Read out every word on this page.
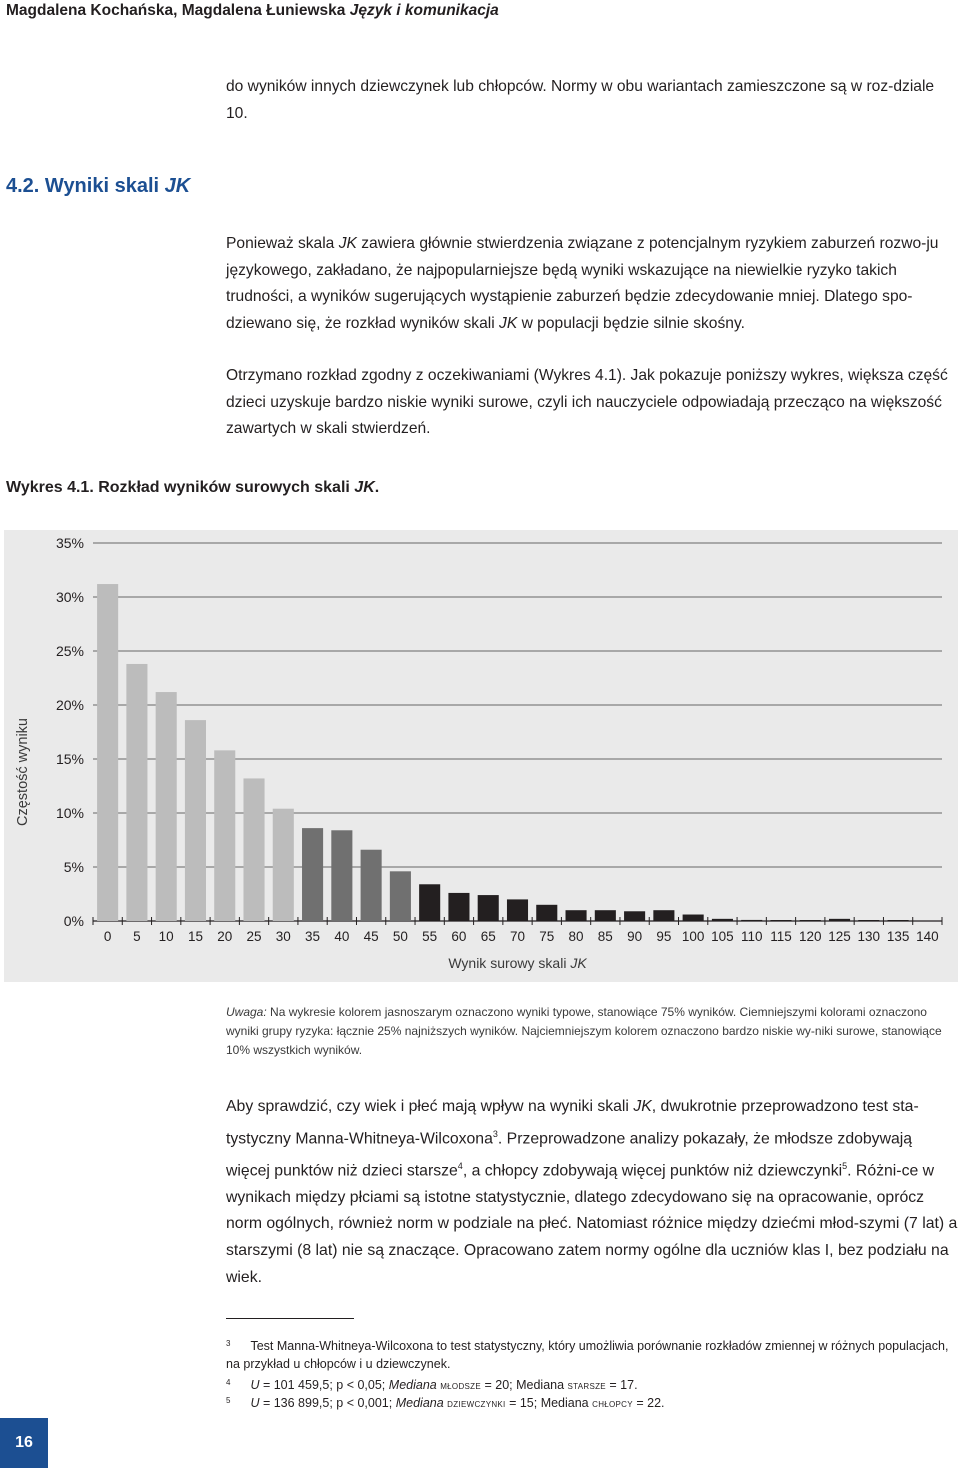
Magdalena Kochańska, Magdalena Łuniewska Język i komunikacja

do wyników innych dziewczynek lub chłopców. Normy w obu wariantach zamieszczone są w roz-dziale 10.

4.2. Wyniki skali JK

Ponieważ skala JK zawiera głównie stwierdzenia związane z potencjalnym ryzykiem zaburzeń rozwo-ju językowego, zakładano, że najpopularniejsze będą wyniki wskazujące na niewielkie ryzyko takich trudności, a wyników sugerujących wystąpienie zaburzeń będzie zdecydowanie mniej. Dlatego spo-dziewano się, że rozkład wyników skali JK w populacji będzie silnie skośny.

Otrzymano rozkład zgodny z oczekiwaniami (Wykres 4.1). Jak pokazuje poniższy wykres, większa część dzieci uzyskuje bardzo niskie wyniki surowe, czyli ich nauczyciele odpowiadają przecząco na większość zawartych w skali stwierdzeń.

Wykres 4.1. Rozkład wyników surowych skali JK.

0%
5%
10%
15%
20%
25%
30%
35%
0 5 10 15 20 25 30 35 40 45 50 55 60 65 70 75 80 85 90 95 100 105 110 115 120 125 130 135 140
Wynik surowy skali JK
Częstość wyniku

Uwaga: Na wykresie kolorem jasnoszarym oznaczono wyniki typowe, stanowiące 75% wyników. Ciemniejszymi kolorami oznaczono wyniki grupy ryzyka: łącznie 25% najniższych wyników. Najciemniejszym kolorem oznaczono bardzo niskie wy-niki surowe, stanowiące 10% wszystkich wyników.

Aby sprawdzić, czy wiek i płeć mają wpływ na wyniki skali JK, dwukrotnie przeprowadzono test sta-tystyczny Manna-Whitneya-Wilcoxona$^3$. Przeprowadzone analizy pokazały, że młodsze zdobywają więcej punktów niż dzieci starsze$^4$, a chłopcy zdobywają więcej punktów niż dziewczynki$^5$. Różni-ce w wynikach między płciami są istotne statystycznie, dlatego zdecydowano się na opracowanie, oprócz norm ogólnych, również norm w podziale na płeć. Natomiast różnice między dziećmi młod-szymi (7 lat) a starszymi (8 lat) nie są znaczące. Opracowano zatem normy ogólne dla uczniów klas I, bez podziału na wiek.

$^3$ Test Manna-Whitneya-Wilcoxona to test statystyczny, który umożliwia porównanie rozkładów zmiennej w różnych populacjach, na przykład u chłopców i u dziewczynek.

$^4$ U = 101 459,5; p < 0,05; Mediana MŁODSZE = 20; Mediana STARSZE = 17.

$^5$ U = 136 899,5; p < 0,001; Mediana DZIEWCZYNKI = 15; Mediana CHŁOPCY = 22.

16
